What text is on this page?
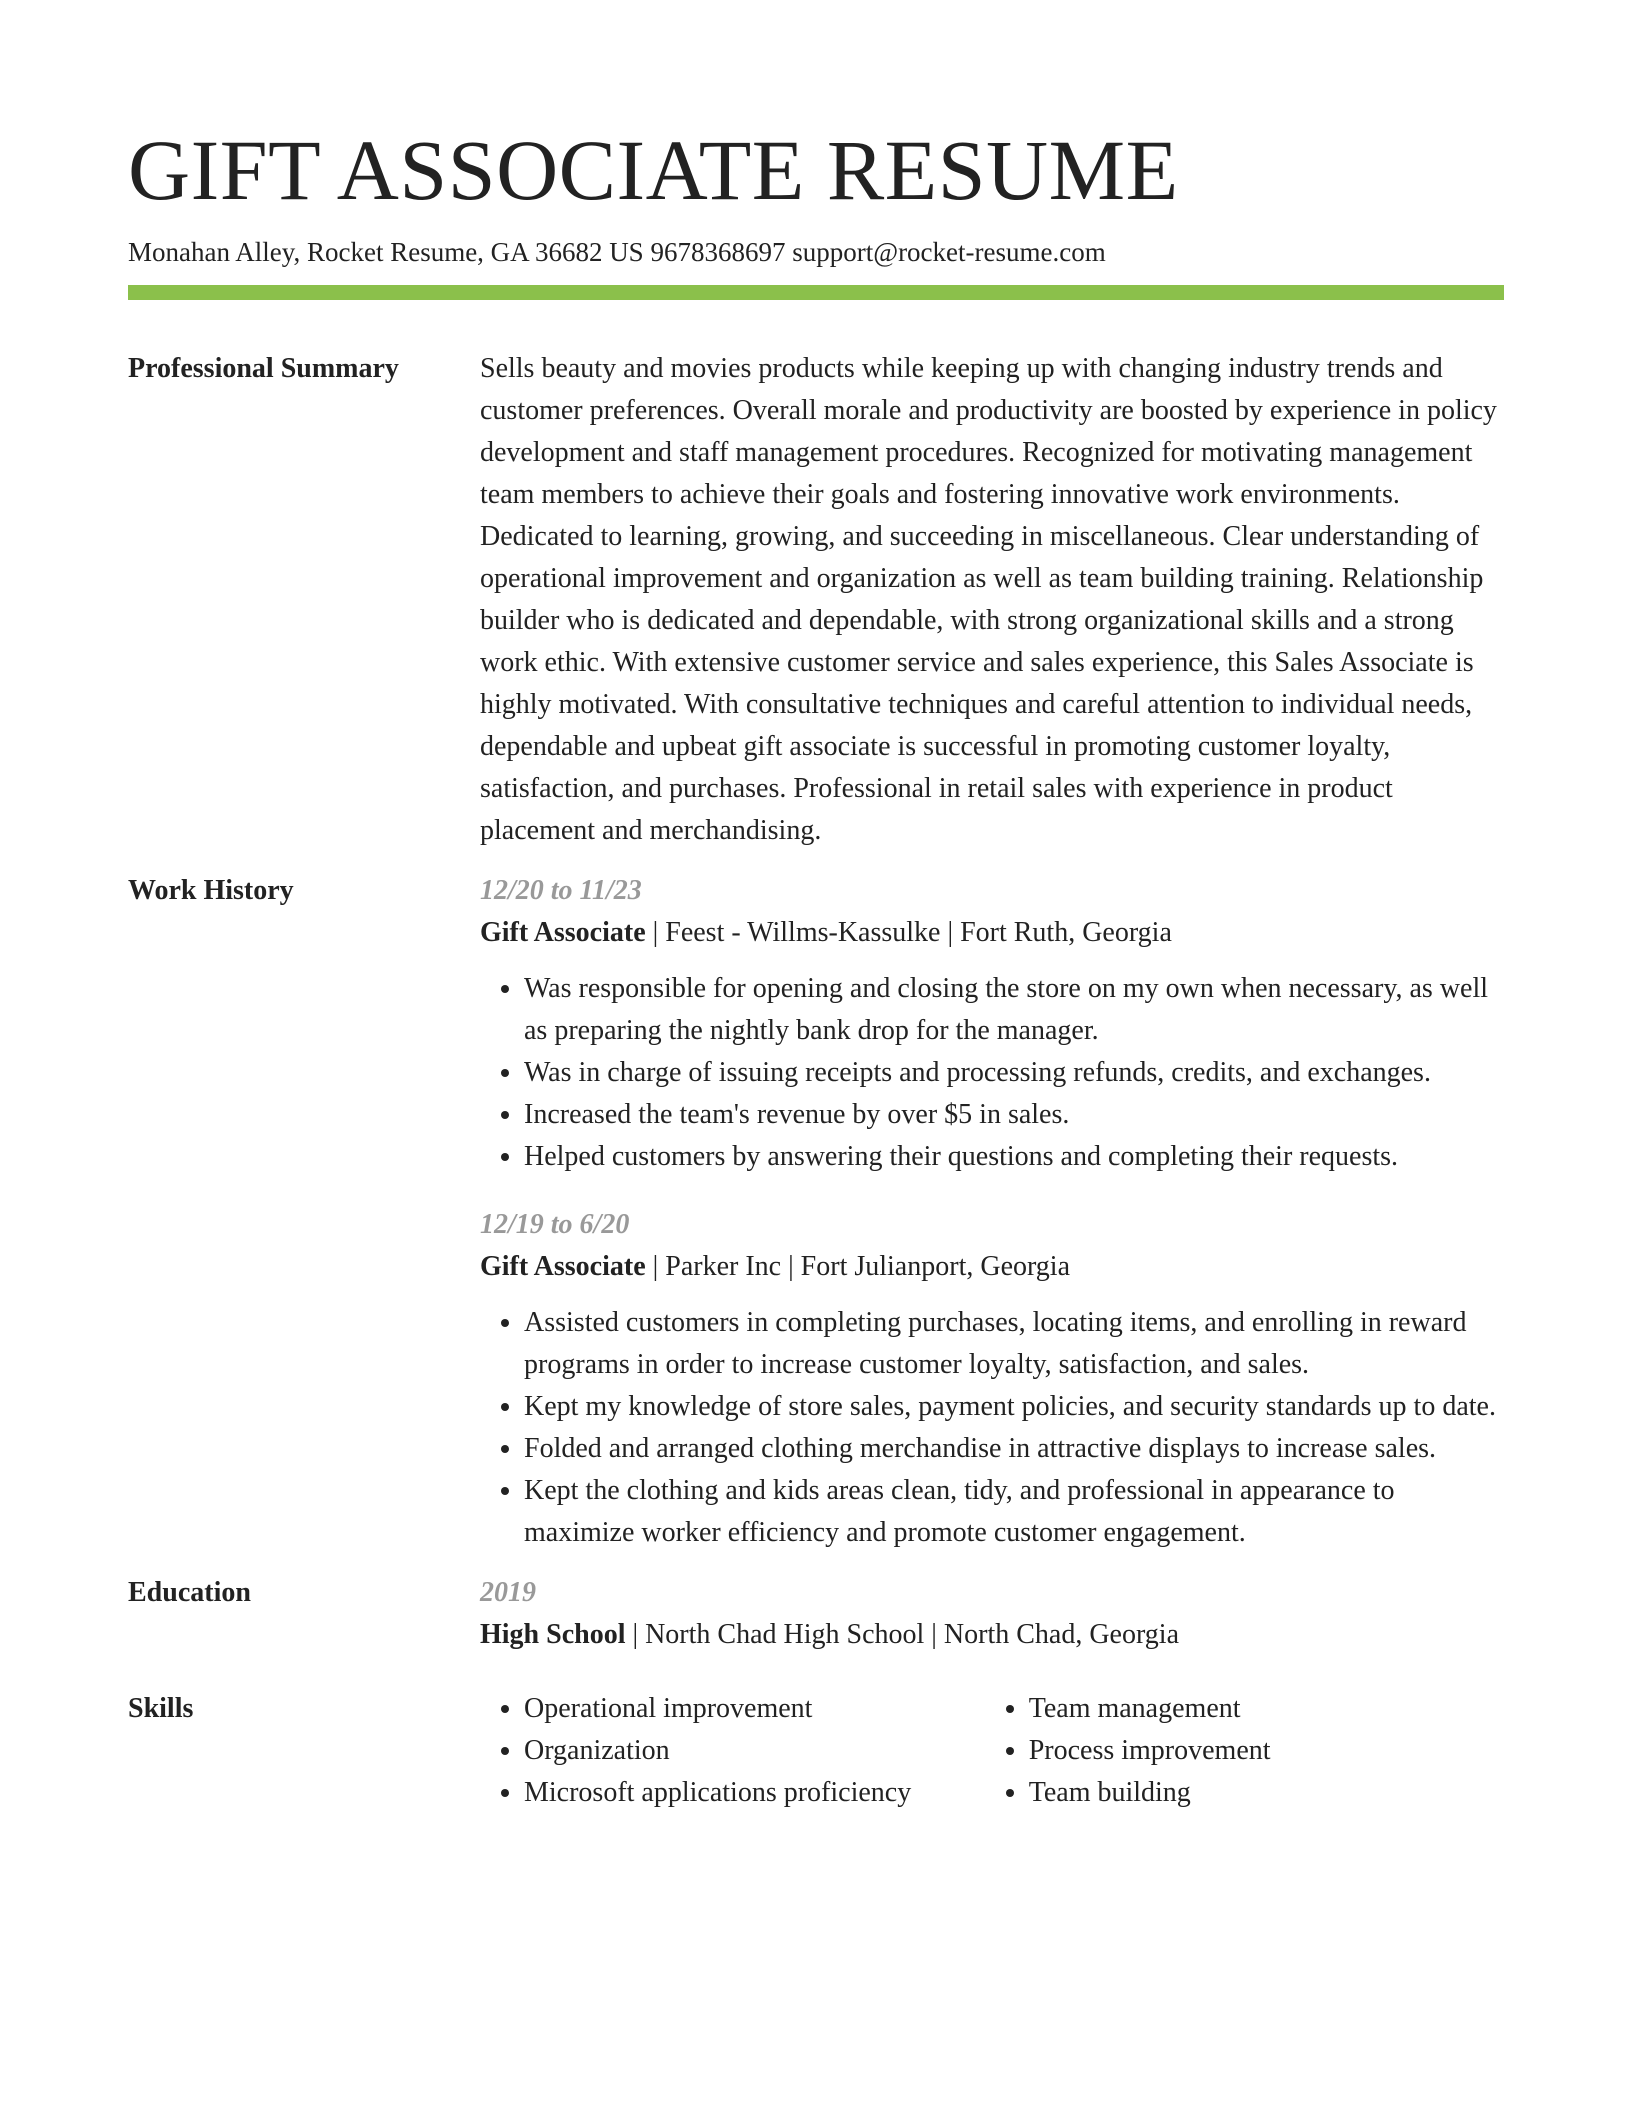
GIFT ASSOCIATE RESUME
Monahan Alley, Rocket Resume, GA 36682 US 9678368697 support@rocket-resume.com
Professional Summary	Sells beauty and movies products while keeping up with changing industry trends and customer preferences. Overall morale and productivity are boosted by experience in policy development and staff management procedures. Recognized for motivating management team members to achieve their goals and fostering innovative work environments. Dedicated to learning, growing, and succeeding in miscellaneous. Clear understanding of operational improvement and organization as well as team building training. Relationship builder who is dedicated and dependable, with strong organizational skills and a strong work ethic. With extensive customer service and sales experience, this Sales Associate is highly motivated. With consultative techniques and careful attention to individual needs, dependable and upbeat gift associate is successful in promoting customer loyalty, satisfaction, and purchases. Professional in retail sales with experience in product placement and merchandising.
Work History	12/20 to 11/23
Gift Associate | Feest - Willms-Kassulke | Fort Ruth, Georgia
• Was responsible for opening and closing the store on my own when necessary, as well as preparing the nightly bank drop for the manager.
• Was in charge of issuing receipts and processing refunds, credits, and exchanges.
• Increased the team's revenue by over $5 in sales.
• Helped customers by answering their questions and completing their requests.
12/19 to 6/20
Gift Associate | Parker Inc | Fort Julianport, Georgia
• Assisted customers in completing purchases, locating items, and enrolling in reward programs in order to increase customer loyalty, satisfaction, and sales.
• Kept my knowledge of store sales, payment policies, and security standards up to date.
• Folded and arranged clothing merchandise in attractive displays to increase sales.
• Kept the clothing and kids areas clean, tidy, and professional in appearance to maximize worker efficiency and promote customer engagement.
Education	2019
High School | North Chad High School | North Chad, Georgia
Skills
•	Operational improvement
• Organization
• Microsoft applications proficiency
• Team management
• Process improvement
• Team building
